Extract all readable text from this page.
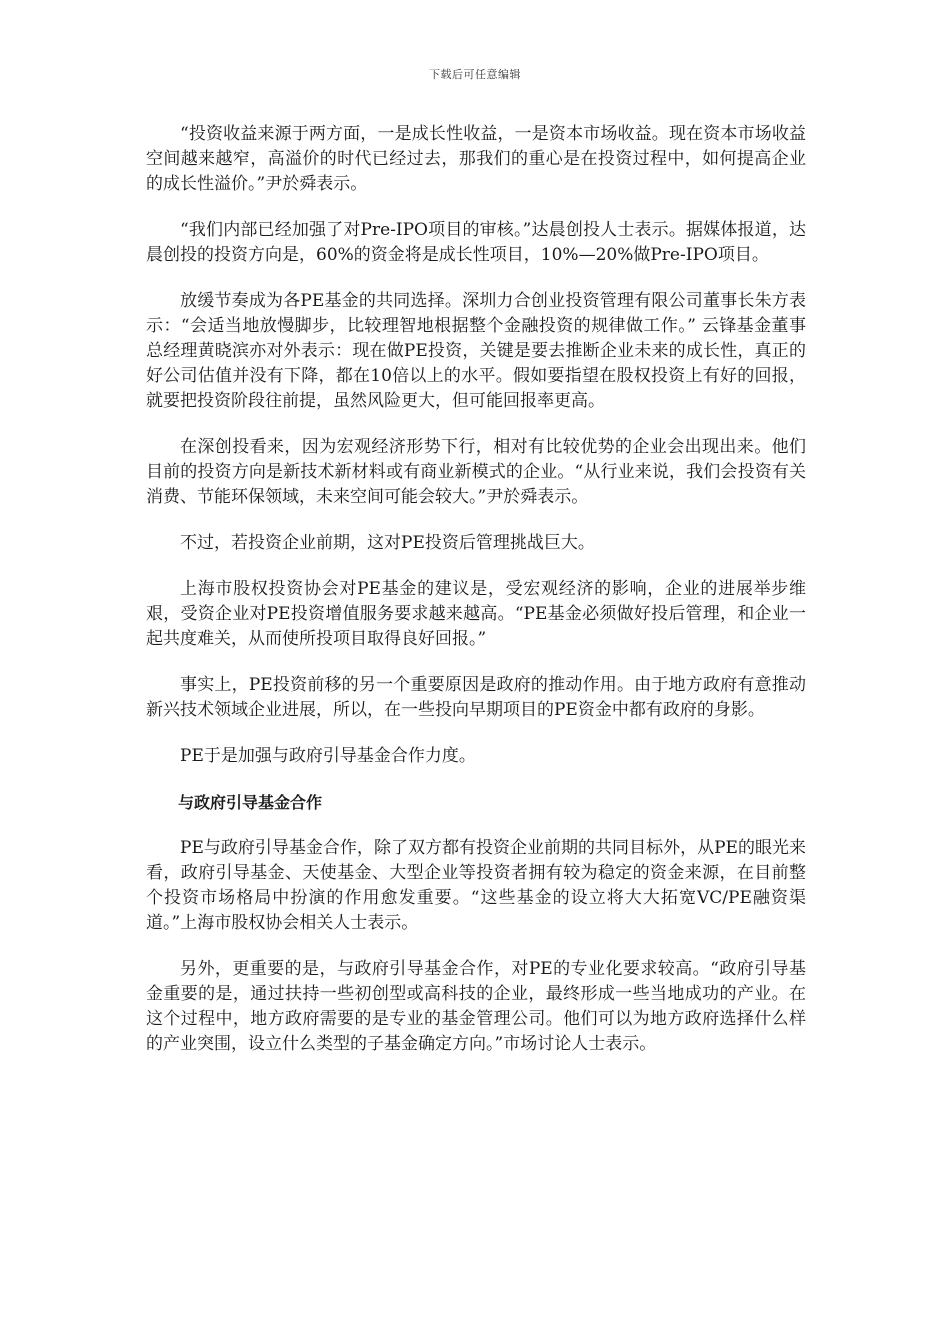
下载后可任意编辑

“投资收益来源于两方面，一是成长性收益，一是资本市场收益。现在资本市场收益空间越来越窄，高溢价的时代已经过去，那我们的重心是在投资过程中，如何提高企业的成长性溢价。”尹於舜表示。

“我们内部已经加强了对Pre-IPO项目的审核。”达晨创投人士表示。据媒体报道，达晨创投的投资方向是，60%的资金将是成长性项目，10%—20%做Pre-IPO项目。

放缓节奏成为各PE基金的共同选择。深圳力合创业投资管理有限公司董事长朱方表示：“会适当地放慢脚步，比较理智地根据整个金融投资的规律做工作。” 云锋基金董事总经理黄晓滨亦对外表示：现在做PE投资，关键是要去推断企业未来的成长性，真正的好公司估值并没有下降，都在10倍以上的水平。假如要指望在股权投资上有好的回报，就要把投资阶段往前提，虽然风险更大，但可能回报率更高。

在深创投看来，因为宏观经济形势下行，相对有比较优势的企业会出现出来。他们目前的投资方向是新技术新材料或有商业新模式的企业。“从行业来说，我们会投资有关消费、节能环保领域，未来空间可能会较大。”尹於舜表示。

不过，若投资企业前期，这对PE投资后管理挑战巨大。

上海市股权投资协会对PE基金的建议是，受宏观经济的影响，企业的进展举步维艰，受资企业对PE投资增值服务要求越来越高。“PE基金必须做好投后管理，和企业一起共度难关，从而使所投项目取得良好回报。”

事实上，PE投资前移的另一个重要原因是政府的推动作用。由于地方政府有意推动新兴技术领域企业进展，所以，在一些投向早期项目的PE资金中都有政府的身影。

PE于是加强与政府引导基金合作力度。

与政府引导基金合作

PE与政府引导基金合作，除了双方都有投资企业前期的共同目标外，从PE的眼光来看，政府引导基金、天使基金、大型企业等投资者拥有较为稳定的资金来源，在目前整个投资市场格局中扮演的作用愈发重要。“这些基金的设立将大大拓宽VC/PE融资渠道。”上海市股权协会相关人士表示。

另外，更重要的是，与政府引导基金合作，对PE的专业化要求较高。“政府引导基金重要的是，通过扶持一些初创型或高科技的企业，最终形成一些当地成功的产业。在这个过程中，地方政府需要的是专业的基金管理公司。他们可以为地方政府选择什么样的产业突围，设立什么类型的子基金确定方向。”市场讨论人士表示。
